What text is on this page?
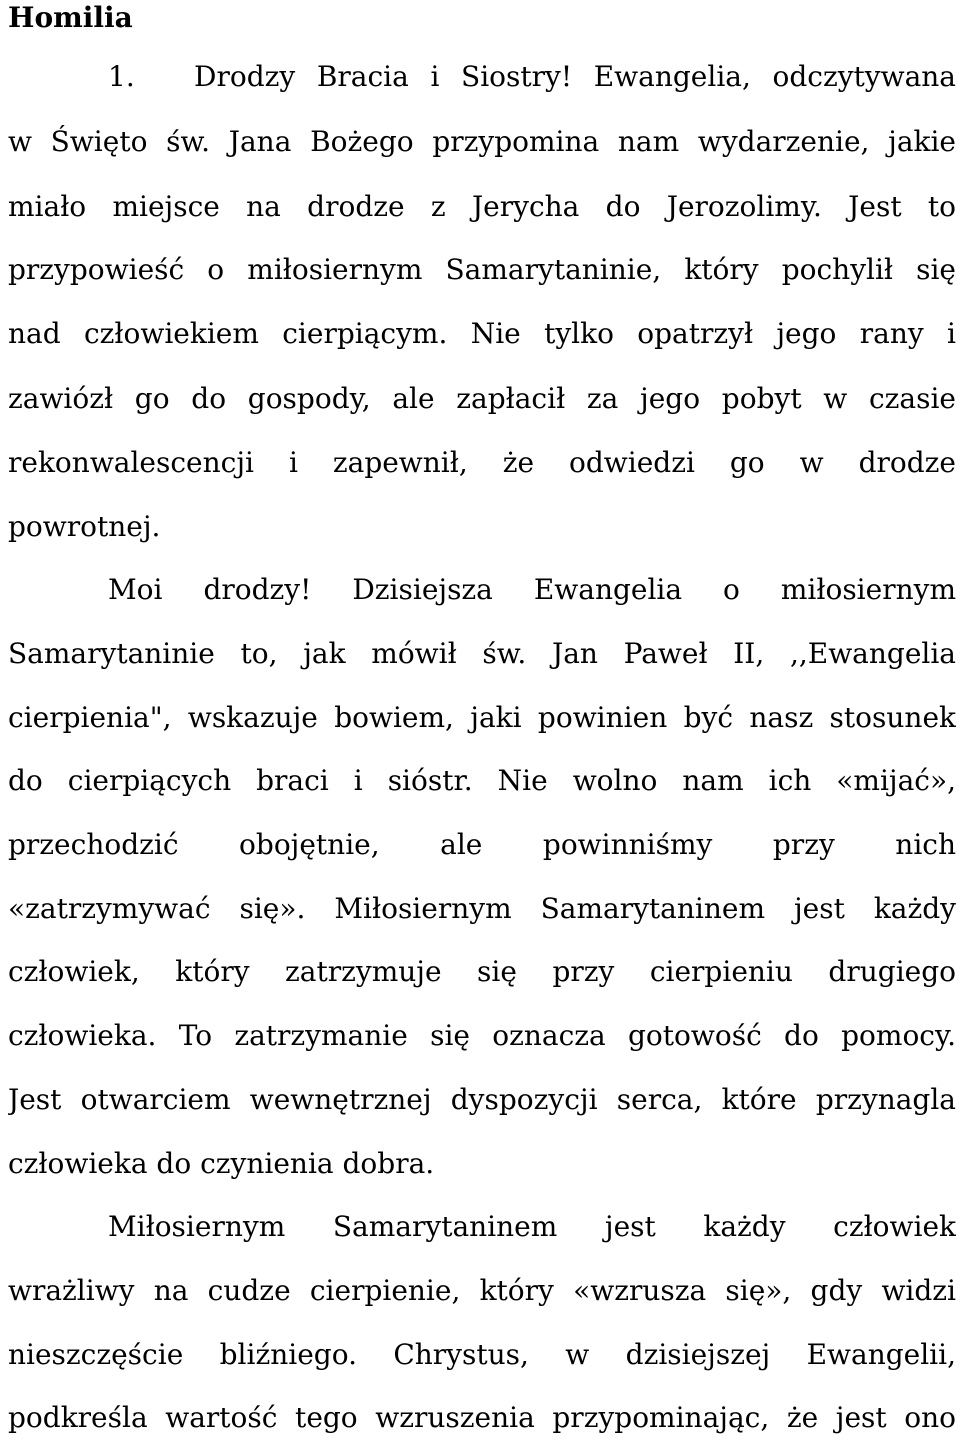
Homilia
1. Drodzy Bracia i Siostry! Ewangelia, odczytywana
w Święto św. Jana Bożego przypomina nam wydarzenie, jakie
miało miejsce na drodze z Jerycha do Jerozolimy. Jest to
przypowieść o miłosiernym Samarytaninie, który pochylił się
nad człowiekiem cierpiącym. Nie tylko opatrzył jego rany i
zawiózł go do gospody, ale zapłacił za jego pobyt w czasie
rekonwalescencji i zapewnił, że odwiedzi go w drodze
powrotnej.
Moi drodzy! Dzisiejsza Ewangelia o miłosiernym
Samarytaninie to, jak mówił św. Jan Paweł II, ,,Ewangelia
cierpienia", wskazuje bowiem, jaki powinien być nasz stosunek
do cierpiących braci i sióstr. Nie wolno nam ich «mijać»,
przechodzić obojętnie, ale powinniśmy przy nich
«zatrzymywać się». Miłosiernym Samarytaninem jest każdy
człowiek, który zatrzymuje się przy cierpieniu drugiego
człowieka. To zatrzymanie się oznacza gotowość do pomocy.
Jest otwarciem wewnętrznej dyspozycji serca, które przynagla
człowieka do czynienia dobra.
Miłosiernym Samarytaninem jest każdy człowiek
wrażliwy na cudze cierpienie, który «wzrusza się», gdy widzi
nieszczęście bliźniego. Chrystus, w dzisiejszej Ewangelii,
podkreśla wartość tego wzruszenia przypominając, że jest ono
